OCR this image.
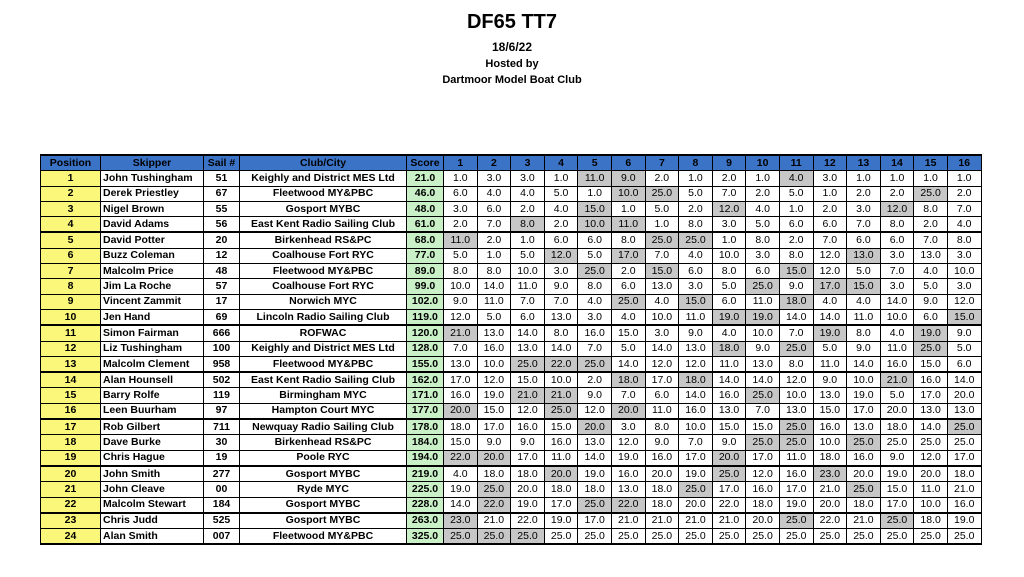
DF65 TT7
18/6/22
Hosted by
Dartmoor Model Boat Club
Position	Skipper	Sail #	Club/City	Score	1	2	3	4	5	6	7	8	9	10	11	12	13	14	15	16
1	John Tushingham	51	Keighly and District MES Ltd	21.0	1.0	3.0	3.0	1.0	11.0	9.0	2.0	1.0	2.0	1.0	4.0	3.0	1.0	1.0	1.0	1.0
2	Derek Priestley	67	Fleetwood MY&PBC	46.0	6.0	4.0	4.0	5.0	1.0	10.0	25.0	5.0	7.0	2.0	5.0	1.0	2.0	2.0	25.0	2.0
3	Nigel Brown	55	Gosport MYBC	48.0	3.0	6.0	2.0	4.0	15.0	1.0	5.0	2.0	12.0	4.0	1.0	2.0	3.0	12.0	8.0	7.0
4	David Adams	56	East Kent Radio Sailing Club	61.0	2.0	7.0	8.0	2.0	10.0	11.0	1.0	8.0	3.0	5.0	6.0	6.0	7.0	8.0	2.0	4.0
5	David Potter	20	Birkenhead RS&PC	68.0	11.0	2.0	1.0	6.0	6.0	8.0	25.0	25.0	1.0	8.0	2.0	7.0	6.0	6.0	7.0	8.0
6	Buzz Coleman	12	Coalhouse Fort RYC	77.0	5.0	1.0	5.0	12.0	5.0	17.0	7.0	4.0	10.0	3.0	8.0	12.0	13.0	3.0	13.0	3.0
7	Malcolm Price	48	Fleetwood MY&PBC	89.0	8.0	8.0	10.0	3.0	25.0	2.0	15.0	6.0	8.0	6.0	15.0	12.0	5.0	7.0	4.0	10.0
8	Jim La Roche	57	Coalhouse Fort RYC	99.0	10.0	14.0	11.0	9.0	8.0	6.0	13.0	3.0	5.0	25.0	9.0	17.0	15.0	3.0	5.0	3.0
9	Vincent Zammit	17	Norwich MYC	102.0	9.0	11.0	7.0	7.0	4.0	25.0	4.0	15.0	6.0	11.0	18.0	4.0	4.0	14.0	9.0	12.0
10	Jen Hand	69	Lincoln Radio Sailing Club	119.0	12.0	5.0	6.0	13.0	3.0	4.0	10.0	11.0	19.0	19.0	14.0	14.0	11.0	10.0	6.0	15.0
11	Simon Fairman	666	ROFWAC	120.0	21.0	13.0	14.0	8.0	16.0	15.0	3.0	9.0	4.0	10.0	7.0	19.0	8.0	4.0	19.0	9.0
12	Liz Tushingham	100	Keighly and District MES Ltd	128.0	7.0	16.0	13.0	14.0	7.0	5.0	14.0	13.0	18.0	9.0	25.0	5.0	9.0	11.0	25.0	5.0
13	Malcolm Clement	958	Fleetwood MY&PBC	155.0	13.0	10.0	25.0	22.0	25.0	14.0	12.0	12.0	11.0	13.0	8.0	11.0	14.0	16.0	15.0	6.0
14	Alan Hounsell	502	East Kent Radio Sailing Club	162.0	17.0	12.0	15.0	10.0	2.0	18.0	17.0	18.0	14.0	14.0	12.0	9.0	10.0	21.0	16.0	14.0
15	Barry Rolfe	119	Birmingham MYC	171.0	16.0	19.0	21.0	21.0	9.0	7.0	6.0	14.0	16.0	25.0	10.0	13.0	19.0	5.0	17.0	20.0
16	Leen Buurham	97	Hampton Court MYC	177.0	20.0	15.0	12.0	25.0	12.0	20.0	11.0	16.0	13.0	7.0	13.0	15.0	17.0	20.0	13.0	13.0
17	Rob Gilbert	711	Newquay Radio Sailing Club	178.0	18.0	17.0	16.0	15.0	20.0	3.0	8.0	10.0	15.0	15.0	25.0	16.0	13.0	18.0	14.0	25.0
18	Dave Burke	30	Birkenhead RS&PC	184.0	15.0	9.0	9.0	16.0	13.0	12.0	9.0	7.0	9.0	25.0	25.0	10.0	25.0	25.0	25.0	25.0
19	Chris Hague	19	Poole RYC	194.0	22.0	20.0	17.0	11.0	14.0	19.0	16.0	17.0	20.0	17.0	11.0	18.0	16.0	9.0	12.0	17.0
20	John Smith	277	Gosport MYBC	219.0	4.0	18.0	18.0	20.0	19.0	16.0	20.0	19.0	25.0	12.0	16.0	23.0	20.0	19.0	20.0	18.0
21	John Cleave	00	Ryde MYC	225.0	19.0	25.0	20.0	18.0	18.0	13.0	18.0	25.0	17.0	16.0	17.0	21.0	25.0	15.0	11.0	21.0
22	Malcolm Stewart	184	Gosport MYBC	228.0	14.0	22.0	19.0	17.0	25.0	22.0	18.0	20.0	22.0	18.0	19.0	20.0	18.0	17.0	10.0	16.0
23	Chris Judd	525	Gosport MYBC	263.0	23.0	21.0	22.0	19.0	17.0	21.0	21.0	21.0	21.0	20.0	25.0	22.0	21.0	25.0	18.0	19.0
24	Alan Smith	007	Fleetwood MY&PBC	325.0	25.0	25.0	25.0	25.0	25.0	25.0	25.0	25.0	25.0	25.0	25.0	25.0	25.0	25.0	25.0	25.0
